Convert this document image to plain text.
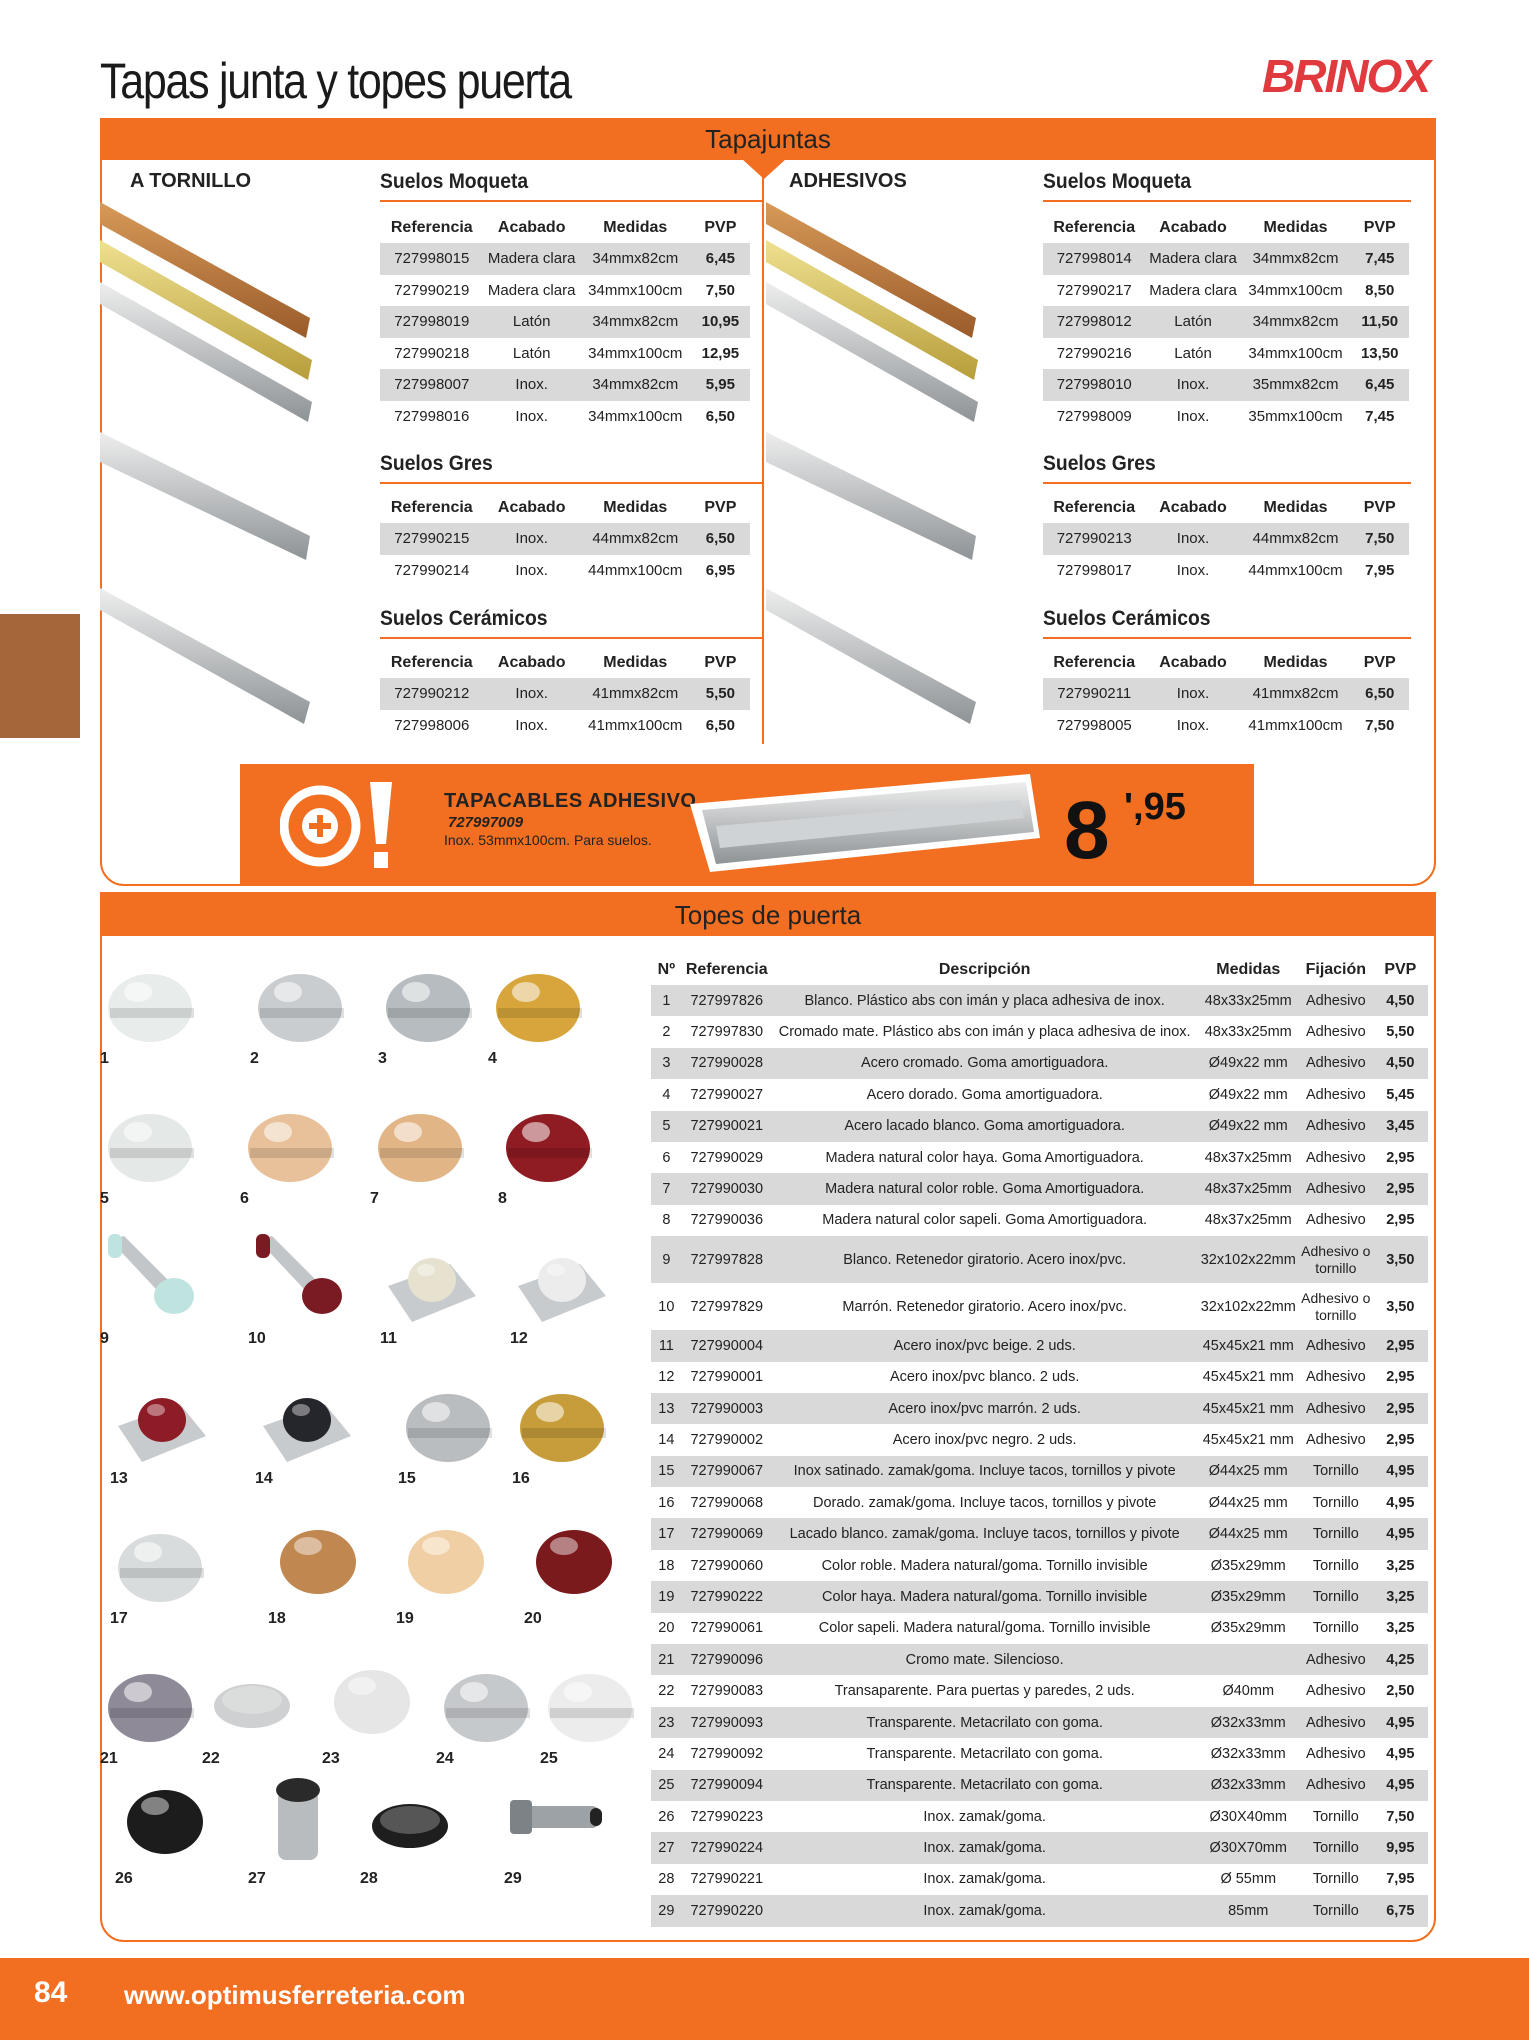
Tapas junta y topes puerta	BRINOX
Tapajuntas
A TORNILLO	ADHESIVOS
Suelos Moqueta
Referencia	Acabado	Medidas	PVP
727998015	Madera clara	34mmx82cm	6,45
727990219	Madera clara	34mmx100cm	7,50
727998019	Latón	34mmx82cm	10,95
727990218	Latón	34mmx100cm	12,95
727998007	Inox.	34mmx82cm	5,95
727998016	Inox.	34mmx100cm	6,50
Suelos Gres
Referencia	Acabado	Medidas	PVP
727990215	Inox.	44mmx82cm	6,50
727990214	Inox.	44mmx100cm	6,95
Suelos Cerámicos
Referencia	Acabado	Medidas	PVP
727990212	Inox.	41mmx82cm	5,50
727998006	Inox.	41mmx100cm	6,50
Suelos Moqueta
Referencia	Acabado	Medidas	PVP
727998014	Madera clara	34mmx82cm	7,45
727990217	Madera clara	34mmx100cm	8,50
727998012	Latón	34mmx82cm	11,50
727990216	Latón	34mmx100cm	13,50
727998010	Inox.	35mmx82cm	6,45
727998009	Inox.	35mmx100cm	7,45
Suelos Gres
Referencia	Acabado	Medidas	PVP
727990213	Inox.	44mmx82cm	7,50
727998017	Inox.	44mmx100cm	7,95
Suelos Cerámicos
Referencia	Acabado	Medidas	PVP
727990211	Inox.	41mmx82cm	6,50
727998005	Inox.	41mmx100cm	7,50
TAPACABLES ADHESIVO
727997009
Inox. 53mmx100cm. Para suelos.	8 ',95
Topes de puerta
Nº	Referencia	Descripción	Medidas	Fijación	PVP
1	727997826	Blanco. Plástico abs con imán y placa adhesiva de inox.	48x33x25mm	Adhesivo	4,50
2	727997830	Cromado mate. Plástico abs con imán y placa adhesiva de inox.	48x33x25mm	Adhesivo	5,50
3	727990028	Acero cromado. Goma amortiguadora.	Ø49x22 mm	Adhesivo	4,50
4	727990027	Acero dorado. Goma amortiguadora.	Ø49x22 mm	Adhesivo	5,45
5	727990021	Acero lacado blanco. Goma amortiguadora.	Ø49x22 mm	Adhesivo	3,45
6	727990029	Madera natural color haya. Goma Amortiguadora.	48x37x25mm	Adhesivo	2,95
7	727990030	Madera natural color roble. Goma Amortiguadora.	48x37x25mm	Adhesivo	2,95
8	727990036	Madera natural color sapeli. Goma Amortiguadora.	48x37x25mm	Adhesivo	2,95
9	727997828	Blanco. Retenedor giratorio. Acero inox/pvc.	32x102x22mm	Adhesivo o tornillo	3,50
10	727997829	Marrón. Retenedor giratorio. Acero inox/pvc.	32x102x22mm	Adhesivo o tornillo	3,50
11	727990004	Acero inox/pvc beige. 2 uds.	45x45x21 mm	Adhesivo	2,95
12	727990001	Acero inox/pvc blanco. 2 uds.	45x45x21 mm	Adhesivo	2,95
13	727990003	Acero inox/pvc marrón. 2 uds.	45x45x21 mm	Adhesivo	2,95
14	727990002	Acero inox/pvc negro. 2 uds.	45x45x21 mm	Adhesivo	2,95
15	727990067	Inox satinado. zamak/goma. Incluye tacos, tornillos y pivote	Ø44x25 mm	Tornillo	4,95
16	727990068	Dorado. zamak/goma. Incluye tacos, tornillos y pivote	Ø44x25 mm	Tornillo	4,95
17	727990069	Lacado blanco. zamak/goma. Incluye tacos, tornillos y pivote	Ø44x25 mm	Tornillo	4,95
18	727990060	Color roble. Madera natural/goma. Tornillo invisible	Ø35x29mm	Tornillo	3,25
19	727990222	Color haya. Madera natural/goma. Tornillo invisible	Ø35x29mm	Tornillo	3,25
20	727990061	Color sapeli. Madera natural/goma. Tornillo invisible	Ø35x29mm	Tornillo	3,25
21	727990096	Cromo mate. Silencioso.		Adhesivo	4,25
22	727990083	Transaparente. Para puertas y paredes, 2 uds.	Ø40mm	Adhesivo	2,50
23	727990093	Transparente. Metacrilato con goma.	Ø32x33mm	Adhesivo	4,95
24	727990092	Transparente. Metacrilato con goma.	Ø32x33mm	Adhesivo	4,95
25	727990094	Transparente. Metacrilato con goma.	Ø32x33mm	Adhesivo	4,95
26	727990223	Inox. zamak/goma.	Ø30X40mm	Tornillo	7,50
27	727990224	Inox. zamak/goma.	Ø30X70mm	Tornillo	9,95
28	727990221	Inox. zamak/goma.	Ø 55mm	Tornillo	7,95
29	727990220	Inox. zamak/goma.	85mm	Tornillo	6,75
1	2	3	4
5	6	7	8
9	10	11	12
13	14	15	16
17	18	19	20
21	22	23	24	25
26	27	28	29
84 www.optimusferreteria.com
